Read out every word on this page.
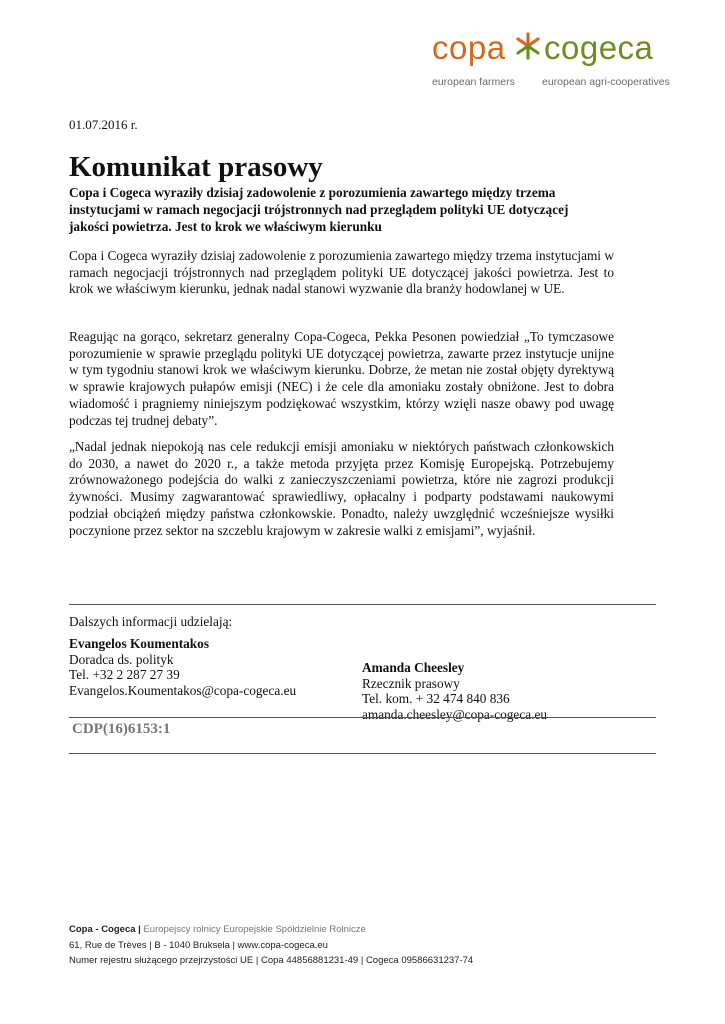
copa cogeca
european farmers	european agri-cooperatives
01.07.2016 r.
Komunikat prasowy

Copa i Cogeca wyraziły dzisiaj zadowolenie z porozumienia zawartego między trzema instytucjami w ramach negocjacji trójstronnych nad przeglądem polityki UE dotyczącej jakości powietrza. Jest to krok we właściwym kierunku

Copa i Cogeca wyraziły dzisiaj zadowolenie z porozumienia zawartego między trzema instytucjami w ramach negocjacji trójstronnych nad przeglądem polityki UE dotyczącej jakości powietrza. Jest to krok we właściwym kierunku, jednak nadal stanowi wyzwanie dla branży hodowlanej w UE.

Reagując na gorąco, sekretarz generalny Copa-Cogeca, Pekka Pesonen powiedział „To tymczasowe porozumienie w sprawie przeglądu polityki UE dotyczącej powietrza, zawarte przez instytucje unijne w tym tygodniu stanowi krok we właściwym kierunku. Dobrze, że metan nie został objęty dyrektywą w sprawie krajowych pułapów emisji (NEC) i że cele dla amoniaku zostały obniżone. Jest to dobra wiadomość i pragniemy niniejszym podziękować wszystkim, którzy wzięli nasze obawy pod uwagę podczas tej trudnej debaty”.

„Nadal jednak niepokoją nas cele redukcji emisji amoniaku w niektórych państwach członkowskich do 2030, a nawet do 2020 r., a także metoda przyjęta przez Komisję Europejską. Potrzebujemy zrównoważonego podejścia do walki z zanieczyszczeniami powietrza, które nie zagrozi produkcji żywności. Musimy zagwarantować sprawiedliwy, opłacalny i podparty podstawami naukowymi podział obciążeń między państwa członkowskie. Ponadto, należy uwzględnić wcześniejsze wysiłki poczynione przez sektor na szczeblu krajowym w zakresie walki z emisjami”, wyjaśnił.

Dalszych informacji udzielają:
Evangelos Koumentakos
Doradca ds. polityk
Tel. +32 2 287 27 39
Evangelos.Koumentakos@copa-cogeca.eu
Amanda Cheesley
Rzecznik prasowy
Tel. kom. + 32 474 840 836
amanda.cheesley@copa-cogeca.eu
CDP(16)6153:1
Copa - Cogeca | Europejscy rolnicy Europejskie Spółdzielnie Rolnicze
61, Rue de Trèves | B - 1040 Bruksela | www.copa-cogeca.eu
Numer rejestru służącego przejrzystości UE | Copa 44856881231-49 | Cogeca 09586631237-74
